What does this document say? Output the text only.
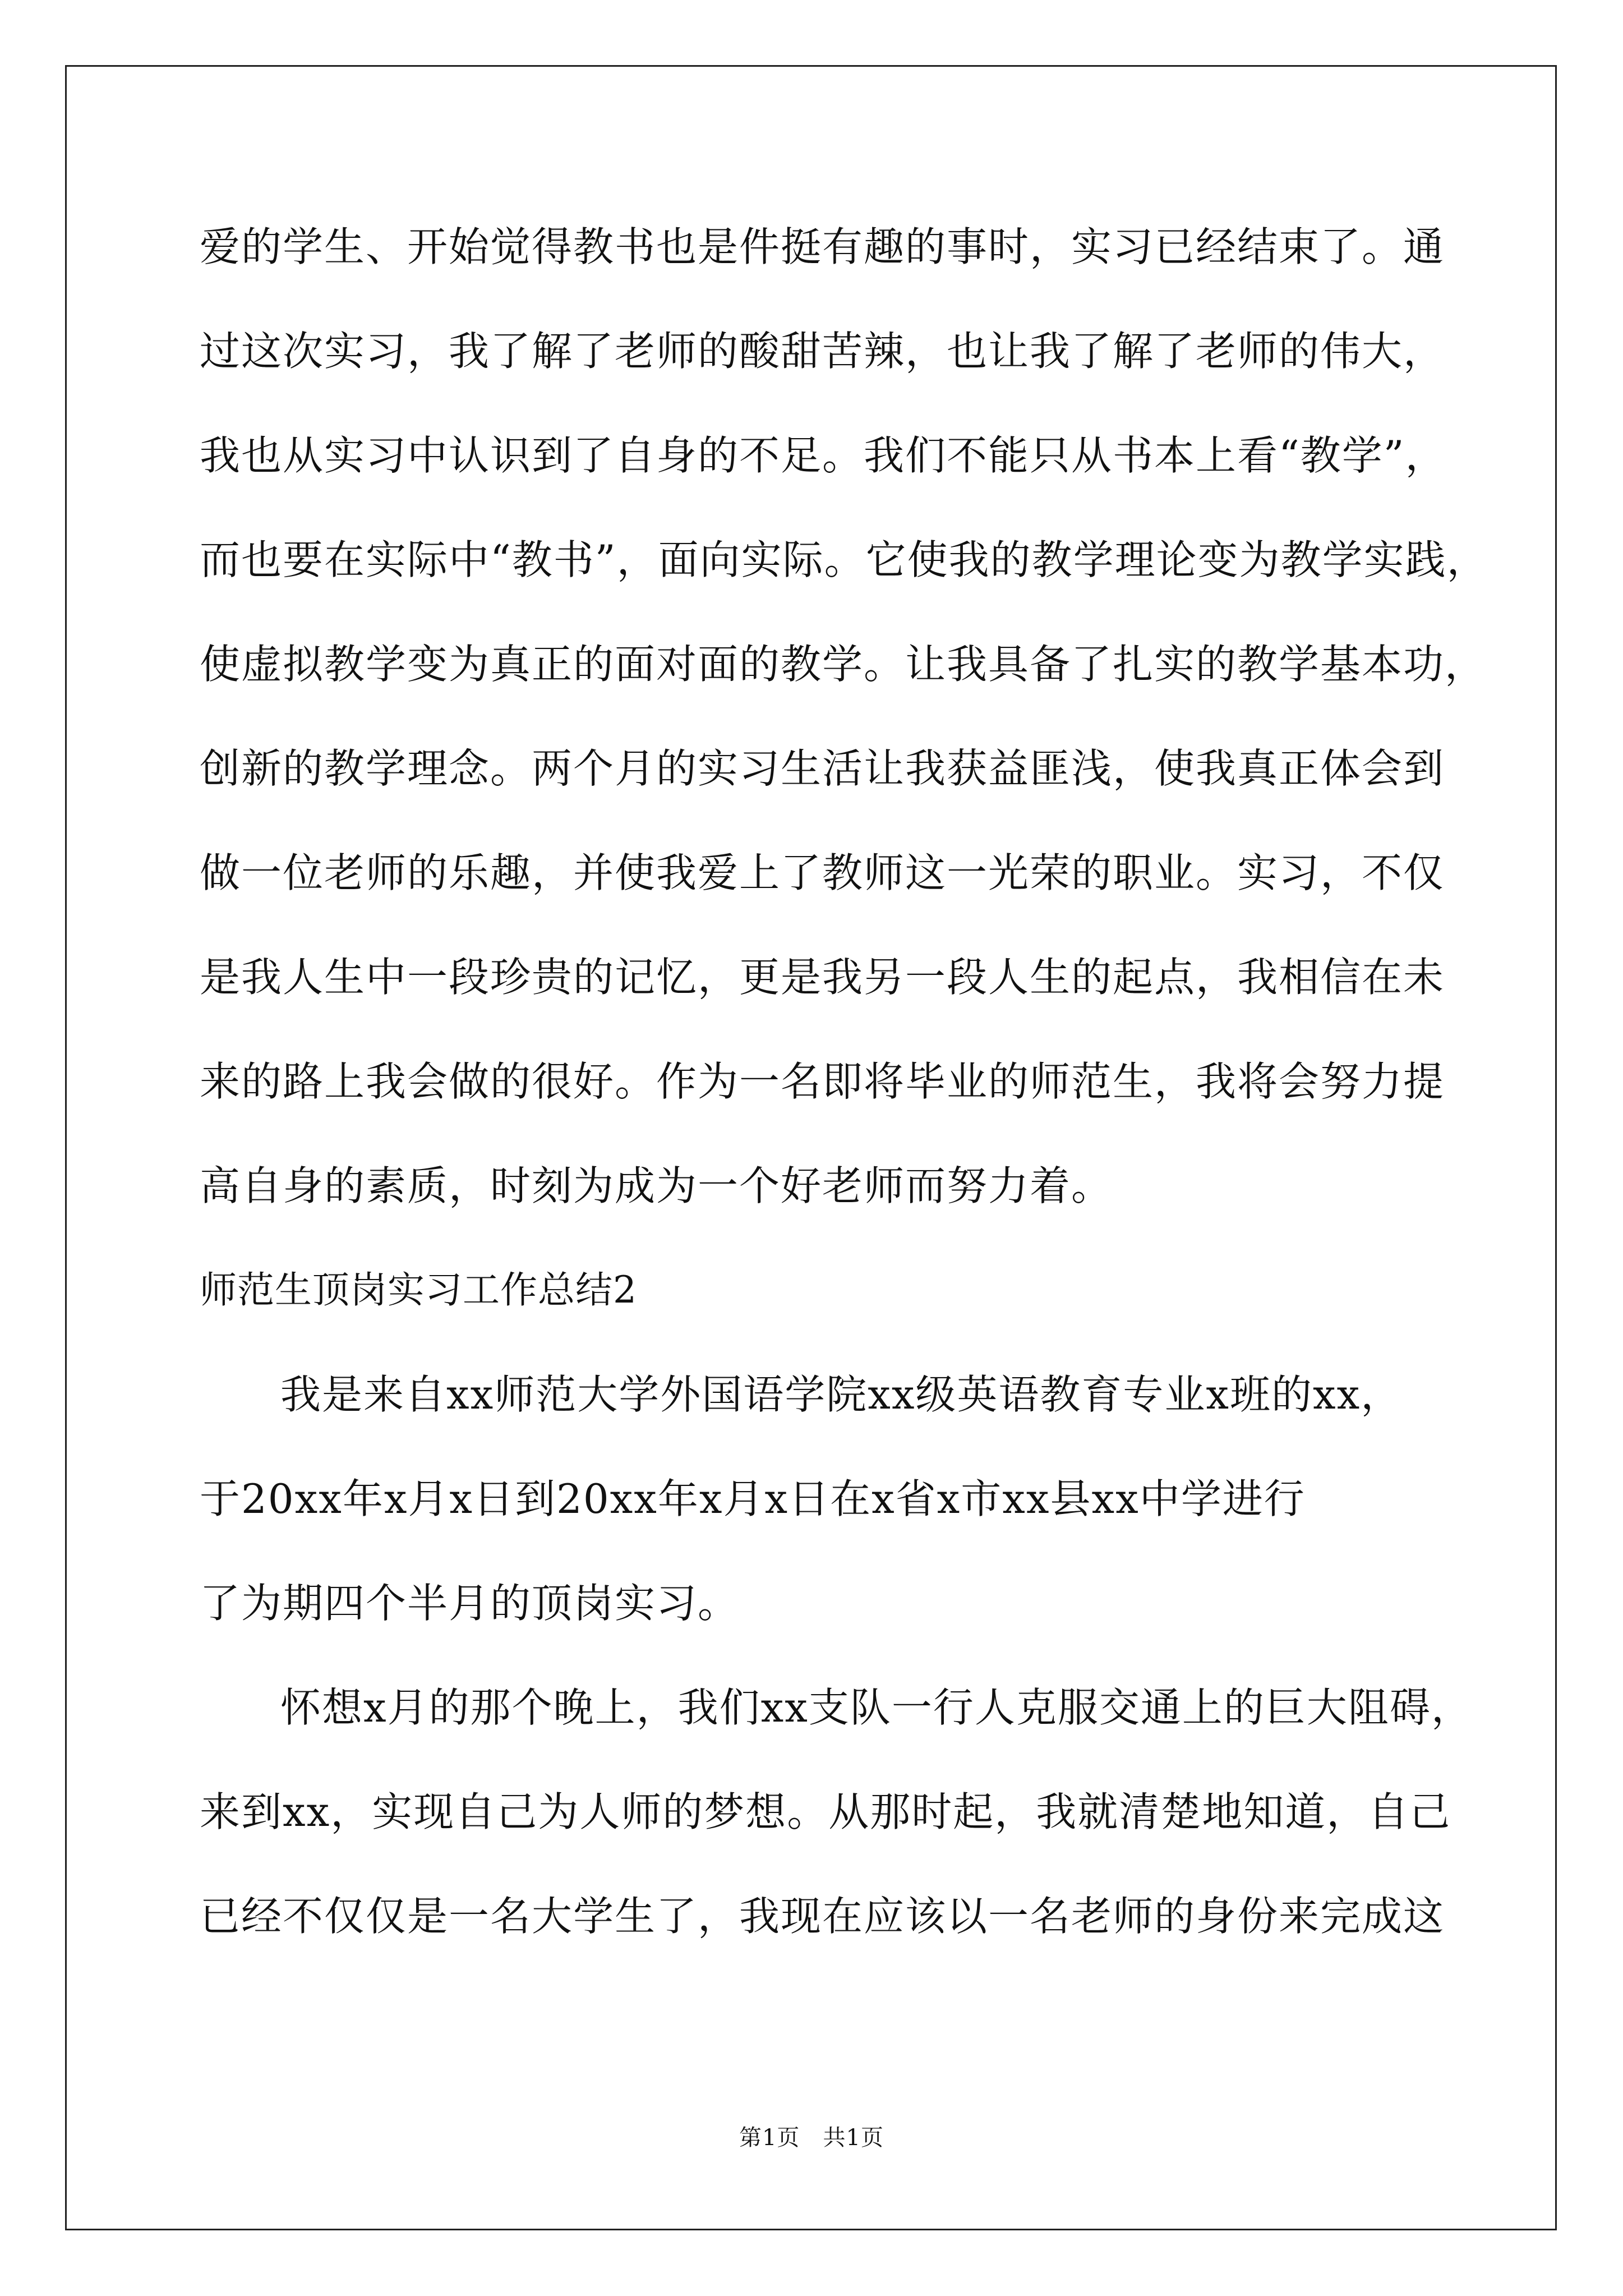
爱的学生、开始觉得教书也是件挺有趣的事时，实习已经结束了。通
过这次实习，我了解了老师的酸甜苦辣，也让我了解了老师的伟大，
我也从实习中认识到了自身的不足。我们不能只从书本上看“教学”，
而也要在实际中“教书”，面向实际。它使我的教学理论变为教学实践，
使虚拟教学变为真正的面对面的教学。让我具备了扎实的教学基本功，
创新的教学理念。两个月的实习生活让我获益匪浅，使我真正体会到
做一位老师的乐趣，并使我爱上了教师这一光荣的职业。实习，不仅
是我人生中一段珍贵的记忆，更是我另一段人生的起点，我相信在未
来的路上我会做的很好。作为一名即将毕业的师范生，我将会努力提
高自身的素质，时刻为成为一个好老师而努力着。
师范生顶岗实习工作总结2
我是来自xx师范大学外国语学院xx级英语教育专业x班的xx，
于20xx年x月x日到20xx年x月x日在x省x市xx县xx中学进行
了为期四个半月的顶岗实习。
怀想x月的那个晚上，我们xx支队一行人克服交通上的巨大阻碍，
来到xx，实现自己为人师的梦想。从那时起，我就清楚地知道，自己
已经不仅仅是一名大学生了，我现在应该以一名老师的身份来完成这
第1页   共1页
